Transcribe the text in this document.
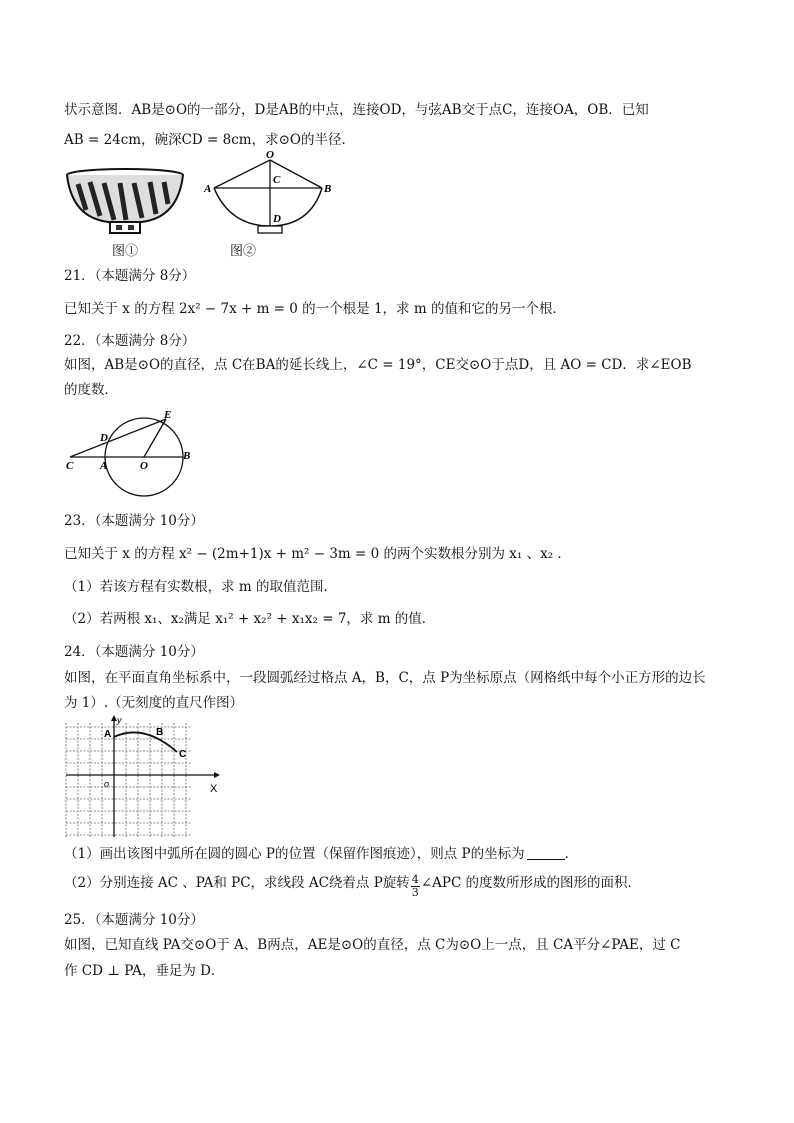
状示意图．AB是⊙O的一部分，D是AB的中点，连接OD，与弦AB交于点C，连接OA，OB．已知
AB = 24cm，碗深CD = 8cm，求⊙O的半径．
图①
O
A	B
C
D
图②
21．（本题满分 8分）
已知关于 x 的方程 2x² − 7x + m = 0 的一个根是 1，求 m 的值和它的另一个根．
22．（本题满分 8分）
如图，AB是⊙O的直径，点 C在BA的延长线上，∠C = 19°，CE交⊙O于点D，且 AO = CD．求∠EOB
的度数．
E
D
C A	O
B
23．（本题满分 10分）
已知关于 x 的方程 x² − (2m+1)x + m² − 3m = 0 的两个实数根分别为 x₁ 、x₂ ．
（1）若该方程有实数根，求 m 的取值范围．
（2）若两根 x₁、x₂满足 x₁² + x₂² + x₁x₂ = 7，求 m 的值．
24．（本题满分 10分）
如图，在平面直角坐标系中，一段圆弧经过格点 A，B，C，点 P为坐标原点（网格纸中每个小正方形的边长
为 1）.（无刻度的直尺作图）
A	B
C
o	X
y
（1）画出该图中弧所在圆的圆心 P的位置（保留作图痕迹），则点 P的坐标为	．
（2）分别连接 AC 、PA和 PC，求线段 AC绕着点 P旋转 $\frac{4}{3}$ ∠APC 的度数所形成的图形的面积．
25．（本题满分 10分）
如图，已知直线 PA交⊙O于 A、B两点，AE是⊙O的直径，点 C为⊙O上一点，且 CA平分∠PAE，过 C
作 CD ⊥ PA，垂足为 D．
